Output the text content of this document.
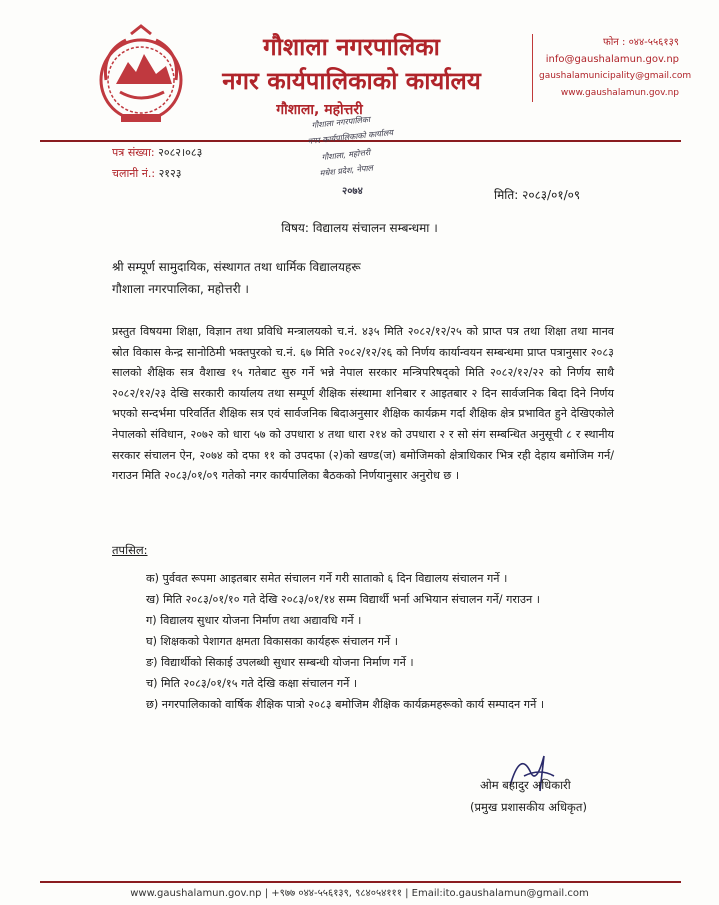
गौशाला नगरपालिका
नगर कार्यपालिकाको कार्यालय
गौशाला, महोत्तरी
फोन : ०४४-५५६१३९
info@gaushalamun.gov.np
gaushalamunicipality@gmail.com
www.gaushalamun.gov.np
पत्र संख्या: २०८२।०८३
चलानी नं.: २१२३
गौशाला नगरपालिका
नगर कार्यपालिकाको कार्यालय
गौशाला, महोत्तरी
मधेश प्रदेश, नेपाल
२०७४	मिति: २०८३/०१/०९
विषय: विद्यालय संचालन सम्बन्धमा ।
श्री सम्पूर्ण सामुदायिक, संस्थागत तथा धार्मिक विद्यालयहरू
गौशाला नगरपालिका, महोत्तरी ।
प्रस्तुत विषयमा शिक्षा, विज्ञान तथा प्रविधि मन्त्रालयको च.नं. ४३५ मिति २०८२/१२/२५ को प्राप्त पत्र तथा शिक्षा तथा मानव स्रोत विकास केन्द्र सानोठिमी भक्तपुरको च.नं. ६७ मिति २०८२/१२/२६ को निर्णय कार्यान्वयन सम्बन्धमा प्राप्त पत्रानुसार २०८३ सालको शैक्षिक सत्र वैशाख १५ गतेबाट सुरु गर्ने भन्ने नेपाल सरकार मन्त्रिपरिषद्को मिति २०८२/१२/२२ को निर्णय साथै २०८२/१२/२३ देखि सरकारी कार्यालय तथा सम्पूर्ण शैक्षिक संस्थामा शनिबार र आइतबार २ दिन सार्वजनिक बिदा दिने निर्णय भएको सन्दर्भमा परिवर्तित शैक्षिक सत्र एवं सार्वजनिक बिदाअनुसार शैक्षिक कार्यक्रम गर्दा शैक्षिक क्षेत्र प्रभावित हुने देखिएकोले नेपालको संविधान, २०७२ को धारा ५७ को उपधारा ४ तथा धारा २१४ को उपधारा २ र सो संग सम्बन्धित अनुसूची ८ र स्थानीय सरकार संचालन ऐन, २०७४ को दफा ११ को उपदफा (२)को खण्ड(ज) बमोजिमको क्षेत्राधिकार भित्र रही देहाय बमोजिम गर्न/गराउन मिति २०८३/०१/०९ गतेको नगर कार्यपालिका बैठकको निर्णयानुसार अनुरोध छ ।
तपसिल:
क) पुर्ववत रूपमा आइतबार समेत संचालन गर्ने गरी साताको ६ दिन विद्यालय संचालन गर्ने ।
ख) मिति २०८३/०१/१० गते देखि २०८३/०१/१४ सम्म विद्यार्थी भर्ना अभियान संचालन गर्ने/ गराउन ।
ग) विद्यालय सुधार योजना निर्माण तथा अद्यावधि गर्ने ।
घ) शिक्षकको पेशागत क्षमता विकासका कार्यहरू संचालन गर्ने ।
ङ) विद्यार्थीको सिकाई उपलब्धी सुधार सम्बन्धी योजना निर्माण गर्ने ।
च) मिति २०८३/०१/१५ गते देखि कक्षा संचालन गर्ने ।
छ) नगरपालिकाको वार्षिक शैक्षिक पात्रो २०८३ बमोजिम शैक्षिक कार्यक्रमहरूको कार्य सम्पादन गर्ने ।
ओम बहादुर अधिकारी
(प्रमुख प्रशासकीय अधिकृत)
www.gaushalamun.gov.np | +९७७ ०४४-५५६१३९, ९८४०५४१११ | Email:ito.gaushalamun@gmail.com
